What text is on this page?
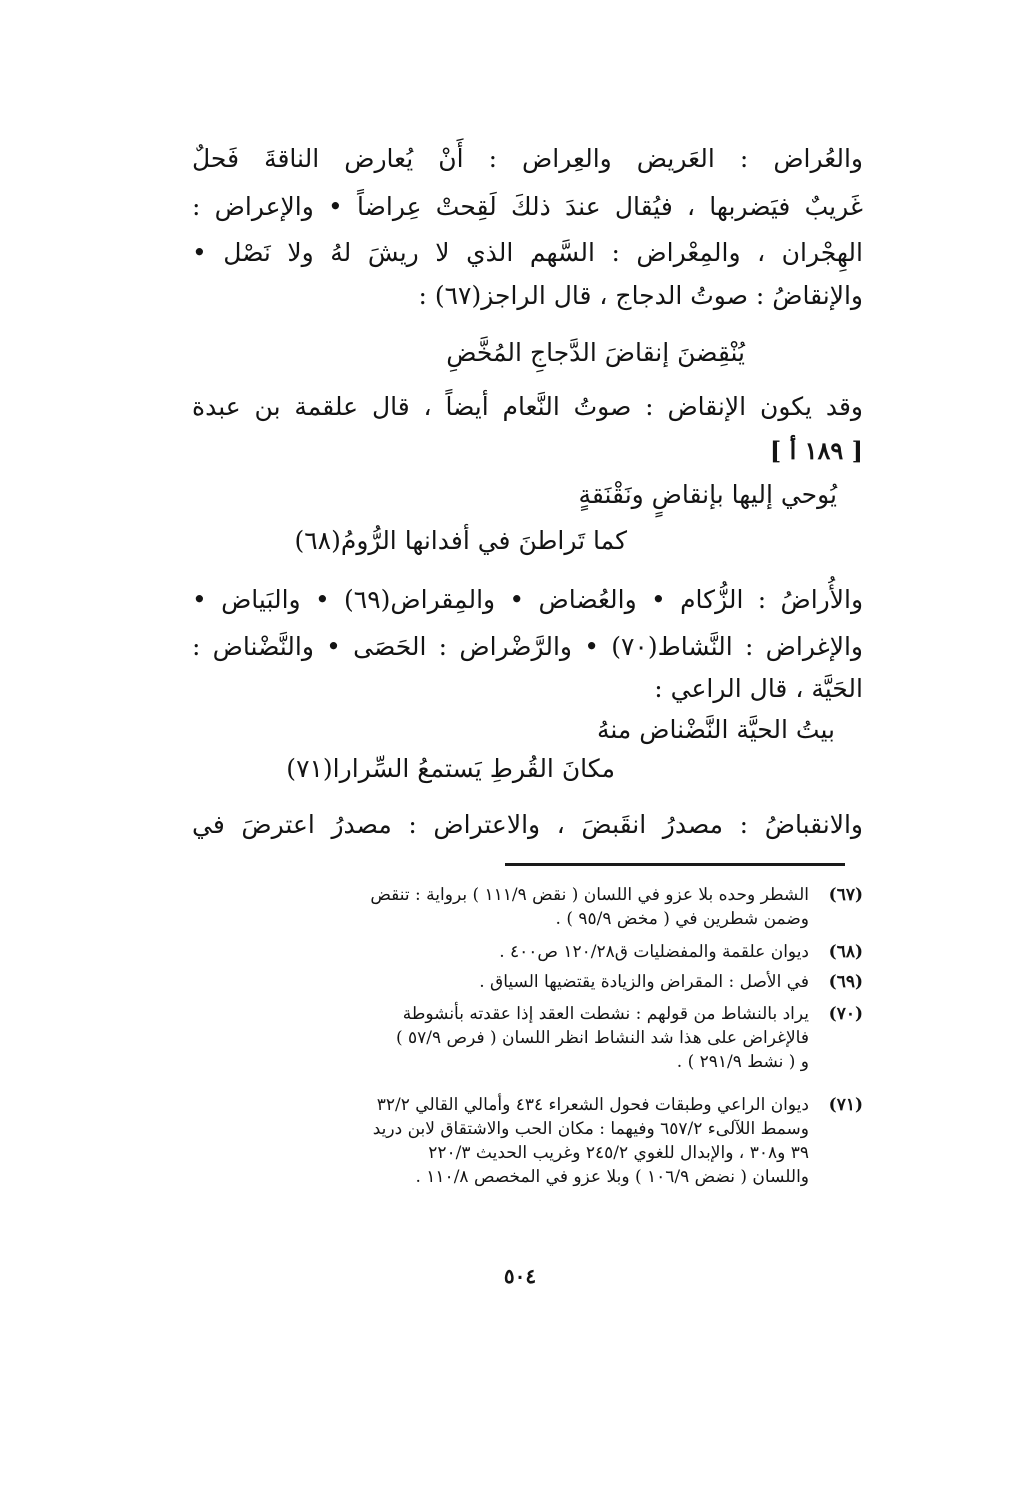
والعُراض : العَريض والعِراض : أَنْ يُعارض الناقةَ فَحلٌ
غَريبٌ فيَضربها ، فيُقال عندَ ذلكَ لَقِحتْ عِراضاً • والإعراض :
الهِجْران ، والمِعْراض : السَّهم الذي لا ريشَ لهُ ولا نَصْل •
والإنقاضُ : صوتُ الدجاج ، قال الراجز(٦٧) :
يُنْقِضنَ إنقاضَ الدَّجاجِ المُخَّضِ
وقد يكون الإنقاض : صوتُ النَّعام أيضاً ، قال علقمة بن عبدة
[ ١٨٩ أ ]
يُوحي إليها بإنقاضٍ ونَقْنَقةٍ
كما تَراطنَ في أفدانها الرُّومُ(٦٨)
والأُراضُ : الزُّكام • والعُضاض • والمِقراض(٦٩) • والبَياض •
والإغراض : النَّشاط(٧٠) • والرَّضْراض : الحَصَى • والنَّضْناض :
الحَيَّة ، قال الراعي :
بيتُ الحيَّة النَّضْناض منهُ
مكانَ القُرطِ يَستمعُ السِّرارا(٧١)
والانقباضُ : مصدرُ انقَبضَ ، والاعتراض : مصدرُ اعترضَ في
(٦٧)
الشطر وحده بلا عزو في اللسان ( نقض ١١١/٩ ) برواية : تنقض
وضمن شطرين في ( مخض ٩٥/٩ ) .
(٦٨)
ديوان علقمة والمفضليات ق١٢٠/٢٨ ص٤٠٠ .
(٦٩)
في الأصل : المقراض والزيادة يقتضيها السياق .
(٧٠)
يراد بالنشاط من قولهم : نشطت العقد إذا عقدته بأنشوطة
فالإغراض على هذا شد النشاط انظر اللسان ( فرص ٥٧/٩ )
و ( نشط ٢٩١/٩ ) .
(٧١)
ديوان الراعي وطبقات فحول الشعراء ٤٣٤ وأمالي القالي ٣٢/٢
وسمط اللآلىء ٦٥٧/٢ وفيهما : مكان الحب والاشتقاق لابن دريد
٣٩ و٣٠٨ ، والإبدال للغوي ٢٤٥/٢ وغريب الحديث ٢٢٠/٣
واللسان ( نضض ١٠٦/٩ ) وبلا عزو في المخصص ١١٠/٨ .
٥٠٤
